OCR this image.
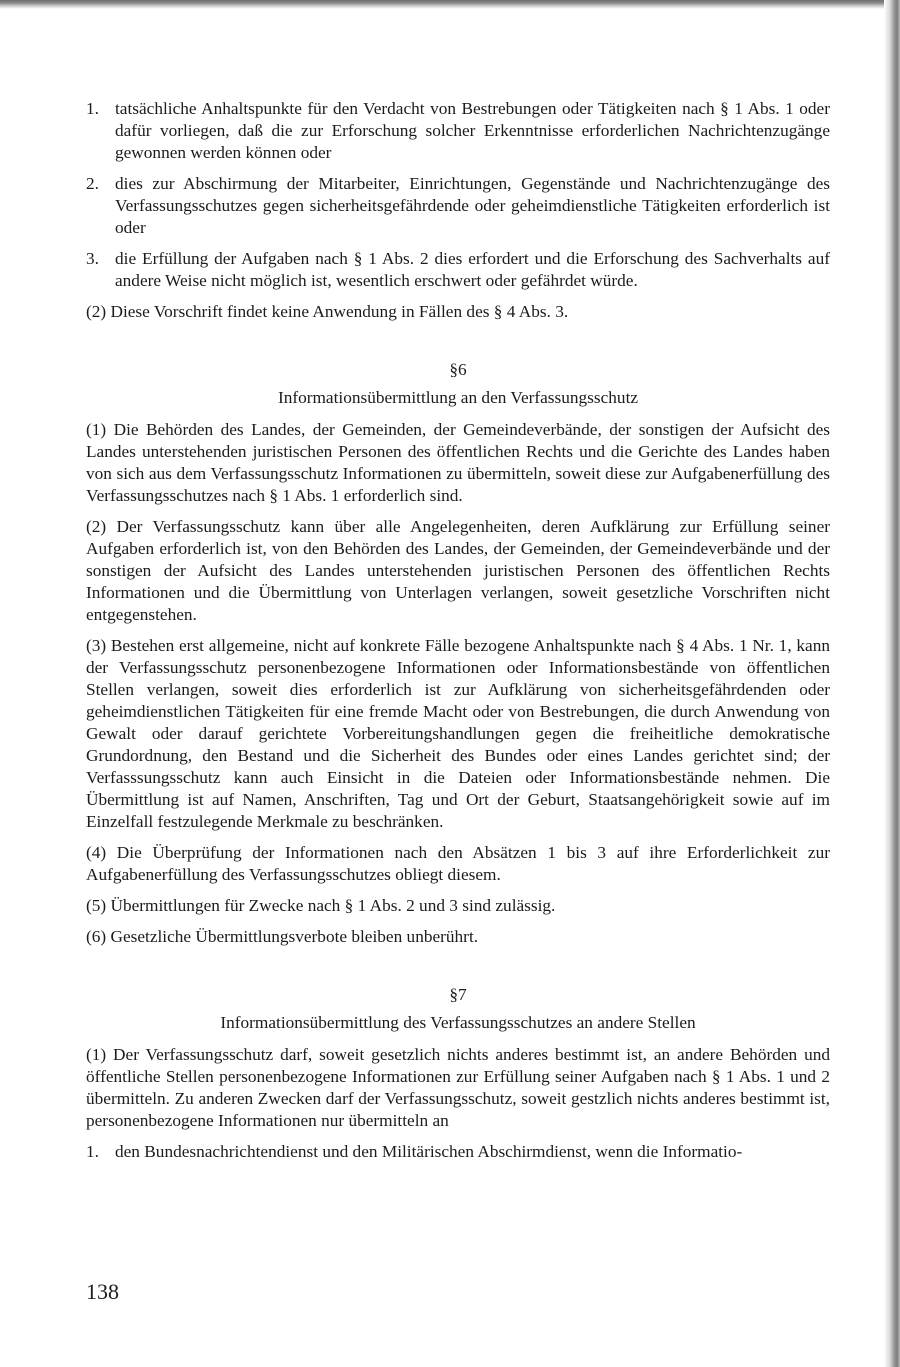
1. tatsächliche Anhaltspunkte für den Verdacht von Bestrebungen oder Tätigkeiten nach § 1 Abs. 1 oder dafür vorliegen, daß die zur Erforschung solcher Erkenntnisse erforderlichen Nachrichtenzugänge gewonnen werden können oder
2. dies zur Abschirmung der Mitarbeiter, Einrichtungen, Gegenstände und Nachrichtenzugänge des Verfassungsschutzes gegen sicherheitsgefährdende oder geheimdienstliche Tätigkeiten erforderlich ist oder
3. die Erfüllung der Aufgaben nach § 1 Abs. 2 dies erfordert und die Erforschung des Sachverhalts auf andere Weise nicht möglich ist, wesentlich erschwert oder gefährdet würde.

(2) Diese Vorschrift findet keine Anwendung in Fällen des § 4 Abs. 3.

§6

Informationsübermittlung an den Verfassungsschutz

(1) Die Behörden des Landes, der Gemeinden, der Gemeindeverbände, der sonstigen der Aufsicht des Landes unterstehenden juristischen Personen des öffentlichen Rechts und die Gerichte des Landes haben von sich aus dem Verfassungsschutz Informationen zu übermitteln, soweit diese zur Aufgabenerfüllung des Verfassungsschutzes nach § 1 Abs. 1 erforderlich sind.

(2) Der Verfassungsschutz kann über alle Angelegenheiten, deren Aufklärung zur Erfüllung seiner Aufgaben erforderlich ist, von den Behörden des Landes, der Gemeinden, der Gemeindeverbände und der sonstigen der Aufsicht des Landes unterstehenden juristischen Personen des öffentlichen Rechts Informationen und die Übermittlung von Unterlagen verlangen, soweit gesetzliche Vorschriften nicht entgegenstehen.

(3) Bestehen erst allgemeine, nicht auf konkrete Fälle bezogene Anhaltspunkte nach § 4 Abs. 1 Nr. 1, kann der Verfassungsschutz personenbezogene Informationen oder Informationsbestände von öffentlichen Stellen verlangen, soweit dies erforderlich ist zur Aufklärung von sicherheitsgefährdenden oder geheimdienstlichen Tätigkeiten für eine fremde Macht oder von Bestrebungen, die durch Anwendung von Gewalt oder darauf gerichtete Vorbereitungshandlungen gegen die freiheitliche demokratische Grundordnung, den Bestand und die Sicherheit des Bundes oder eines Landes gerichtet sind; der Verfasssungsschutz kann auch Einsicht in die Dateien oder Informationsbestände nehmen. Die Übermittlung ist auf Namen, Anschriften, Tag und Ort der Geburt, Staatsangehörigkeit sowie auf im Einzelfall festzulegende Merkmale zu beschränken.

(4) Die Überprüfung der Informationen nach den Absätzen 1 bis 3 auf ihre Erforderlichkeit zur Aufgabenerfüllung des Verfassungsschutzes obliegt diesem.

(5) Übermittlungen für Zwecke nach § 1 Abs. 2 und 3 sind zulässig.

(6) Gesetzliche Übermittlungsverbote bleiben unberührt.

§7

Informationsübermittlung des Verfassungsschutzes an andere Stellen

(1) Der Verfassungsschutz darf, soweit gesetzlich nichts anderes bestimmt ist, an andere Behörden und öffentliche Stellen personenbezogene Informationen zur Erfüllung seiner Aufgaben nach § 1 Abs. 1 und 2 übermitteln. Zu anderen Zwecken darf der Verfassungsschutz, soweit gestzlich nichts anderes bestimmt ist, personenbezogene Informationen nur übermitteln an

1. den Bundesnachrichtendienst und den Militärischen Abschirmdienst, wenn die Informatio-
138
